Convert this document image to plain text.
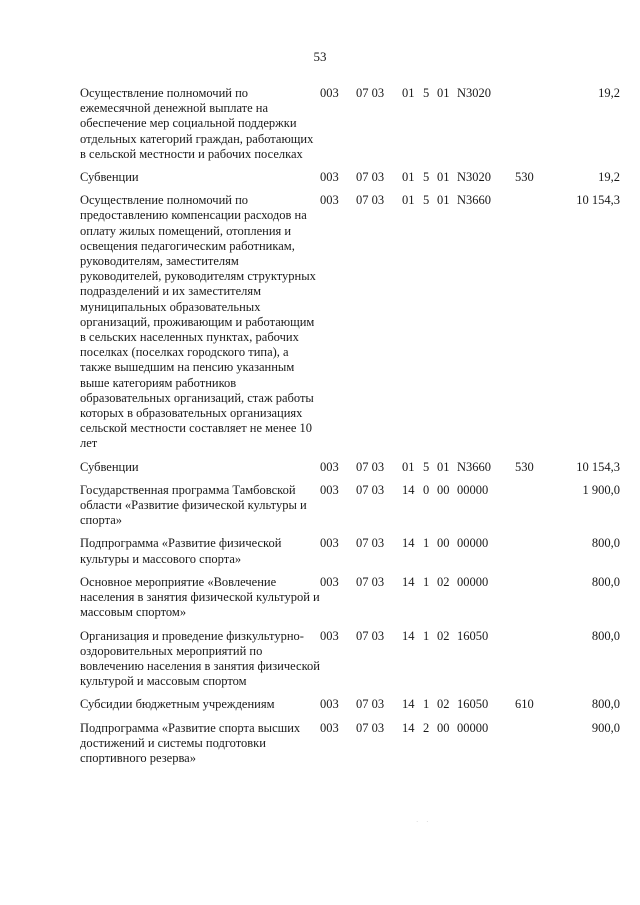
53
Осуществление полномочий по ежемесячной денежной выплате на обеспечение мер социальной поддержки отдельных категорий граждан, работающих в сельской местности и рабочих поселках	003	07 03	01	5	01	N3020		19,2
Субвенции	003	07 03	01	5	01	N3020	530	19,2
Осуществление полномочий по предоставлению компенсации расходов на оплату жилых помещений, отопления и освещения педагогическим работникам, руководителям, заместителям руководителей, руководителям структурных подразделений и их заместителям муниципальных образовательных организаций, проживающим и работающим в сельских населенных пунктах, рабочих поселках (поселках городского типа), а также вышедшим на пенсию указанным выше категориям работников образовательных организаций, стаж работы которых в образовательных организациях сельской местности составляет не менее 10 лет	003	07 03	01	5	01	N3660		10 154,3
Субвенции	003	07 03	01	5	01	N3660	530	10 154,3
Государственная программа Тамбовской области «Развитие физической культуры и спорта»	003	07 03	14	0	00	00000		1 900,0
Подпрограмма «Развитие физической культуры и массового спорта»	003	07 03	14	1	00	00000		800,0
Основное мероприятие «Вовлечение населения в занятия физической культурой и массовым спортом»	003	07 03	14	1	02	00000		800,0
Организация и проведение физкультурно-оздоровительных мероприятий по вовлечению населения в занятия физической культурой и массовым спортом	003	07 03	14	1	02	16050		800,0
Субсидии бюджетным учреждениям	003	07 03	14	1	02	16050	610	800,0
Подпрограмма «Развитие спорта высших достижений и системы подготовки спортивного резерва»	003	07 03	14	2	00	00000		900,0
· ·
